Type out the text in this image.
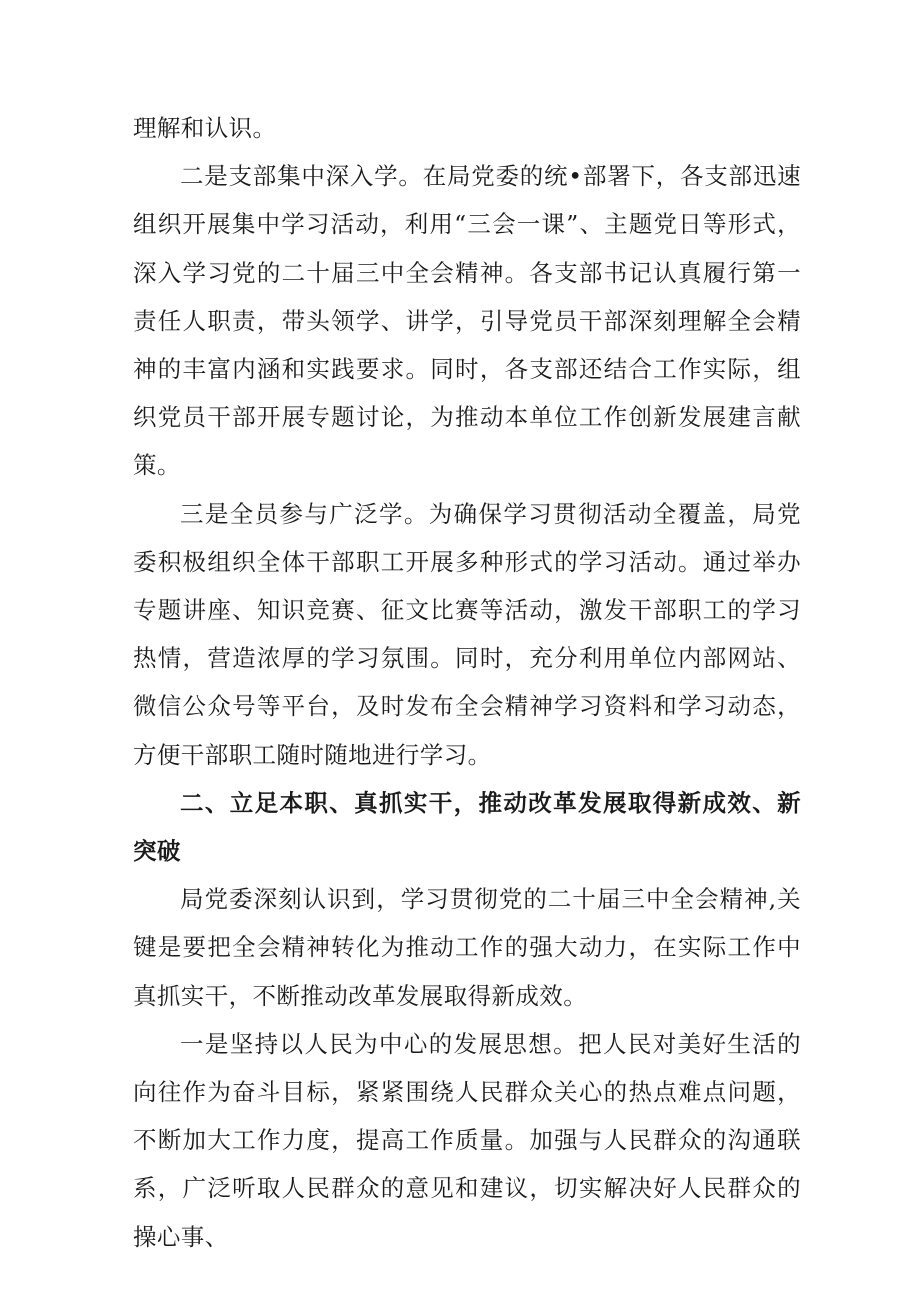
理解和认识。

二是支部集中深入学。在局党委的统•部署下，各支部迅速组织开展集中学习活动，利用“三会一课”、主题党日等形式，深入学习党的二十届三中全会精神。各支部书记认真履行第一责任人职责，带头领学、讲学，引导党员干部深刻理解全会精神的丰富内涵和实践要求。同时，各支部还结合工作实际，组织党员干部开展专题讨论，为推动本单位工作创新发展建言献策。

三是全员参与广泛学。为确保学习贯彻活动全覆盖，局党委积极组织全体干部职工开展多种形式的学习活动。通过举办专题讲座、知识竞赛、征文比赛等活动，激发干部职工的学习热情，营造浓厚的学习氛围。同时，充分利用单位内部网站、微信公众号等平台，及时发布全会精神学习资料和学习动态，方便干部职工随时随地进行学习。

二、立足本职、真抓实干，推动改革发展取得新成效、新突破

局党委深刻认识到，学习贯彻党的二十届三中全会精神,关键是要把全会精神转化为推动工作的强大动力，在实际工作中真抓实干，不断推动改革发展取得新成效。

一是坚持以人民为中心的发展思想。把人民对美好生活的向往作为奋斗目标，紧紧围绕人民群众关心的热点难点问题，不断加大工作力度，提高工作质量。加强与人民群众的沟通联系，广泛听取人民群众的意见和建议，切实解决好人民群众的操心事、
